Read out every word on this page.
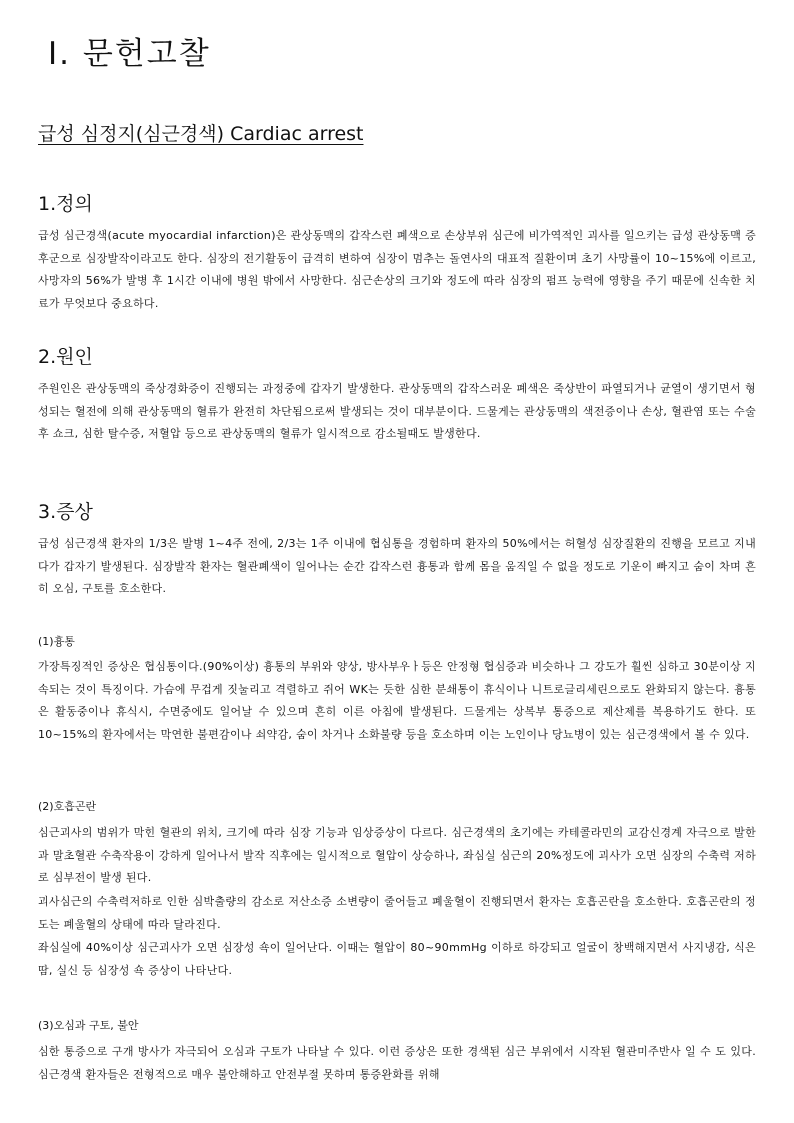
Ⅰ. 문헌고찰
급성 심정지(심근경색) Cardiac arrest
1.정의

급성 심근경색(acute myocardial infarction)은 관상동맥의 갑작스런 폐색으로 손상부위 심근에 비가역적인 괴사를 일으키는 급성 관상동맥 증후군으로 심장발작이라고도 한다. 심장의 전기활동이 급격히 변하여 심장이 멈추는 돌연사의 대표적 질환이며 초기 사망률이 10~15%에 이르고, 사망자의 56%가 발병 후 1시간 이내에 병원 밖에서 사망한다. 심근손상의 크기와 정도에 따라 심장의 펌프 능력에 영향을 주기 때문에 신속한 치료가 무엇보다 중요하다.

2.원인

주원인은 관상동맥의 죽상경화증이 진행되는 과정중에 갑자기 발생한다. 관상동맥의 갑작스러운 폐색은 죽상반이 파열되거나 균열이 생기면서 형성되는 혈전에 의해 관상동맥의 혈류가 완전히 차단됨으로써 발생되는 것이 대부분이다. 드물게는 관상동맥의 색전증이나 손상, 혈관염 또는 수술 후 쇼크, 심한 탈수증, 저혈압 등으로 관상동맥의 혈류가 일시적으로 감소될때도 발생한다.

3.증상

급성 심근경색 환자의 1/3은 발병 1~4주 전에, 2/3는 1주 이내에 협심통을 경험하며 환자의 50%에서는 허혈성 심장질환의 진행을 모르고 지내다가 갑자기 발생된다. 심장발작 환자는 혈관폐색이 일어나는 순간 갑작스런 흉통과 함께 몸을 움직일 수 없을 정도로 기운이 빠지고 숨이 차며 흔히 오심, 구토를 호소한다.

(1)흉통

가장특징적인 증상은 협심통이다.(90%이상) 흉통의 부위와 양상, 방사부우ㅏ등은 안정형 협심증과 비슷하나 그 강도가 훨씬 심하고 30분이상 지속되는 것이 특징이다. 가슴에 무겁게 짓눌리고 격렬하고 쥐어 WK는 듯한 심한 분쇄통이 휴식이나 니트로글리세린으로도 완화되지 않는다. 흉통은 활동중이나 휴식시, 수면중에도 일어날 수 있으며 흔히 이른 아침에 발생된다. 드물게는 상복부 통증으로 제산제를 복용하기도 한다. 또 10~15%의 환자에서는 막연한 불편감이나 쇠약감, 숨이 차거나 소화불량 등을 호소하며 이는 노인이나 당뇨병이 있는 심근경색에서 볼 수 있다.

(2)호흡곤란

심근괴사의 범위가 막힌 혈관의 위치, 크기에 따라 심장 기능과 임상증상이 다르다. 심근경색의 초기에는 카테콜라민의 교감신경계 자극으로 발한과 말초혈관 수축작용이 강하게 일어나서 발작 직후에는 일시적으로 혈압이 상승하나, 좌심실 심근의 20%정도에 괴사가 오면 심장의 수축력 저하로 심부전이 발생 된다.

괴사심근의 수축력저하로 인한 심박출량의 감소로 저산소증 소변량이 줄어들고 폐울혈이 진행되면서 환자는 호흡곤란을 호소한다. 호흡곤란의 정도는 폐울혈의 상태에 따라 달라진다.

좌심실에 40%이상 심근괴사가 오면 심장성 쇽이 일어난다. 이때는 혈압이 80~90mmHg 이하로 하강되고 얼굴이 창백해지면서 사지냉감, 식은땀, 실신 등 심장성 쇽 증상이 나타난다.

(3)오심과 구토, 불안

심한 통증으로 구개 방사가 자극되어 오심과 구토가 나타날 수 있다. 이런 증상은 또한 경색된 심근 부위에서 시작된 혈관미주반사 일 수 도 있다. 심근경색 환자들은 전형적으로 매우 불안해하고 안전부절 못하며 통증완화를 위해
